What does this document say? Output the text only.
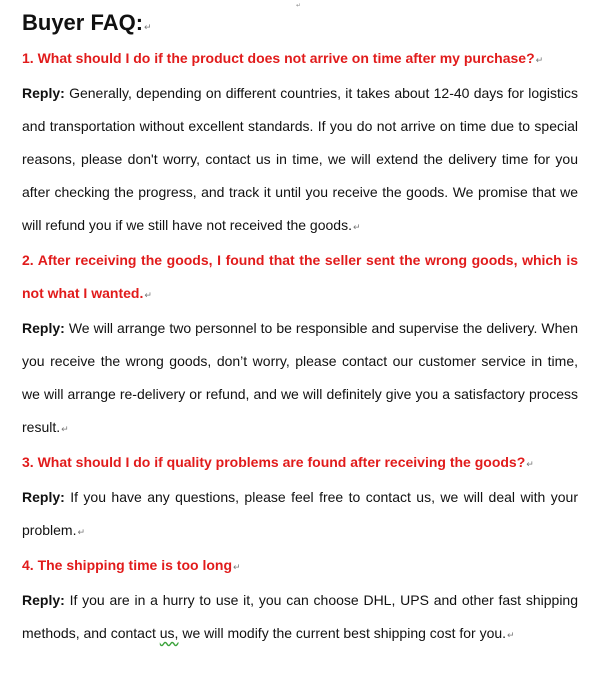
↵
Buyer FAQ:↵

1. What should I do if the product does not arrive on time after my purchase?↵

Reply: Generally, depending on different countries, it takes about 12-40 days for logistics and transportation without excellent standards. If you do not arrive on time due to special reasons, please don't worry, contact us in time, we will extend the delivery time for you after checking the progress, and track it until you receive the goods. We promise that we will refund you if we still have not received the goods.↵

2. After receiving the goods, I found that the seller sent the wrong goods, which is not what I wanted.↵

Reply: We will arrange two personnel to be responsible and supervise the delivery. When you receive the wrong goods, don’t worry, please contact our customer service in time, we will arrange re-delivery or refund, and we will definitely give you a satisfactory process result.↵

3. What should I do if quality problems are found after receiving the goods?↵

Reply: If you have any questions, please feel free to contact us, we will deal with your problem.↵

4. The shipping time is too long↵

Reply: If you are in a hurry to use it, you can choose DHL, UPS and other fast shipping methods, and contact us, we will modify the current best shipping cost for you.↵
